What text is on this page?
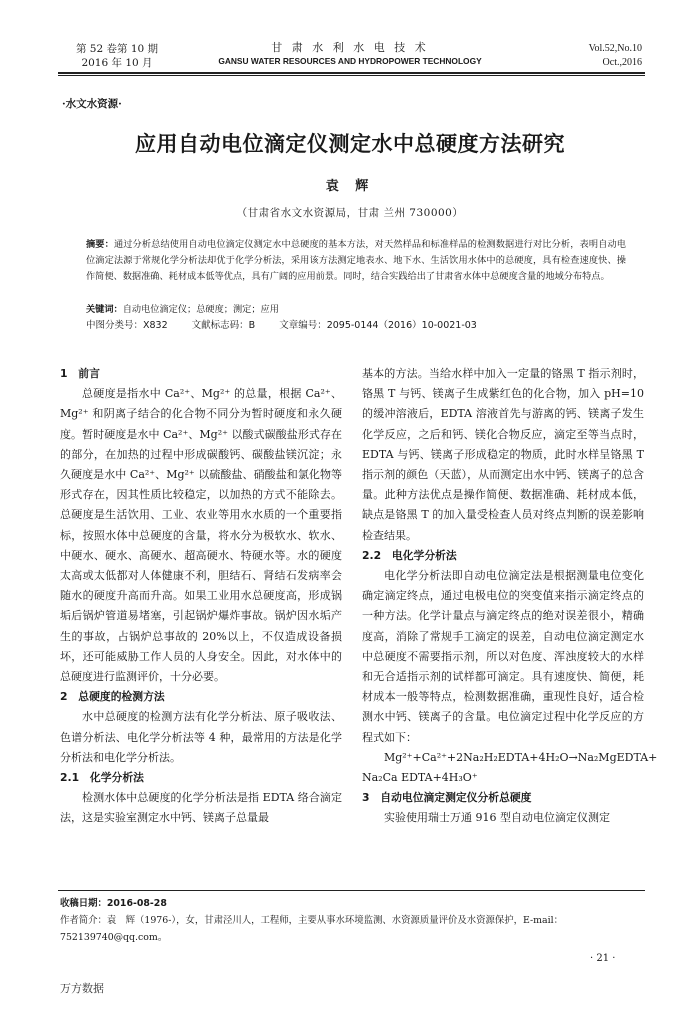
第 52 卷第 10 期
2016 年 10 月
甘 肃 水 利 水 电 技 术
GANSU WATER RESOURCES AND HYDROPOWER TECHNOLOGY
Vol.52,No.10
Oct.,2016
·水文水资源·
应用自动电位滴定仪测定水中总硬度方法研究
袁 辉
（甘肃省水文水资源局，甘肃 兰州 730000）
摘要：通过分析总结使用自动电位滴定仪测定水中总硬度的基本方法，对天然样品和标准样品的检测数据进行对比分析，表明自动电位滴定法源于常规化学分析法却优于化学分析法，采用该方法测定地表水、地下水、生活饮用水体中的总硬度，具有检查速度快、操作简便、数据准确、耗材成本低等优点，具有广阔的应用前景。同时，结合实践给出了甘肃省水体中总硬度含量的地域分布特点。
关键词：自动电位滴定仪；总硬度；测定；应用
中图分类号：X832	文献标志码：B	文章编号：2095-0144（2016）10-0021-03
1　前言

总硬度是指水中 Ca²⁺、Mg²⁺ 的总量，根据 Ca²⁺、Mg²⁺ 和阴离子结合的化合物不同分为暂时硬度和永久硬度。暂时硬度是水中 Ca²⁺、Mg²⁺ 以酸式碳酸盐形式存在的部分，在加热的过程中形成碳酸钙、碳酸盐镁沉淀；永久硬度是水中 Ca²⁺、Mg²⁺ 以硫酸盐、硝酸盐和氯化物等形式存在，因其性质比较稳定，以加热的方式不能除去。总硬度是生活饮用、工业、农业等用水水质的一个重要指标，按照水体中总硬度的含量，将水分为极软水、软水、中硬水、硬水、高硬水、超高硬水、特硬水等。水的硬度太高或太低都对人体健康不利，胆结石、肾结石发病率会随水的硬度升高而升高。如果工业用水总硬度高，形成锅垢后锅炉管道易堵塞，引起锅炉爆炸事故。锅炉因水垢产生的事故，占锅炉总事故的 20%以上，不仅造成设备损坏，还可能威胁工作人员的人身安全。因此，对水体中的总硬度进行监测评价，十分必要。

2　总硬度的检测方法

水中总硬度的检测方法有化学分析法、原子吸收法、色谱分析法、电化学分析法等 4 种，最常用的方法是化学分析法和电化学分析法。

2.1　化学分析法

检测水体中总硬度的化学分析法是指 EDTA 络合滴定法，这是实验室测定水中钙、镁离子总量最

基本的方法。当给水样中加入一定量的铬黑 T 指示剂时，铬黑 T 与钙、镁离子生成紫红色的化合物，加入 pH=10 的缓冲溶液后，EDTA 溶液首先与游离的钙、镁离子发生化学反应，之后和钙、镁化合物反应，滴定至等当点时，EDTA 与钙、镁离子形成稳定的物质，此时水样呈铬黑 T 指示剂的颜色（天蓝），从而测定出水中钙、镁离子的总含量。此种方法优点是操作简便、数据准确、耗材成本低，缺点是铬黑 T 的加入量受检查人员对终点判断的误差影响检查结果。

2.2　电化学分析法

电化学分析法即自动电位滴定法是根据测量电位变化确定滴定终点，通过电极电位的突变值来指示滴定终点的一种方法。化学计量点与滴定终点的绝对误差很小，精确度高，消除了常规手工滴定的误差，自动电位滴定测定水中总硬度不需要指示剂，所以对色度、浑浊度较大的水样和无合适指示剂的试样都可滴定。具有速度快、简便，耗材成本一般等特点，检测数据准确，重现性良好，适合检测水中钙、镁离子的含量。电位滴定过程中化学反应的方程式如下：

Mg²⁺+Ca²⁺+2Na₂H₂EDTA+4H₂O→Na₂MgEDTA+

Na₂Ca EDTA+4H₃O⁺

3　自动电位滴定测定仪分析总硬度

实验使用瑞士万通 916 型自动电位滴定仪测定

收稿日期：2016-08-28
作者简介：袁　辉（1976-），女，甘肃泾川人，工程师，主要从事水环境监测、水资源质量评价及水资源保护，E-mail：752139740@qq.com。
· 21 ·
万方数据
